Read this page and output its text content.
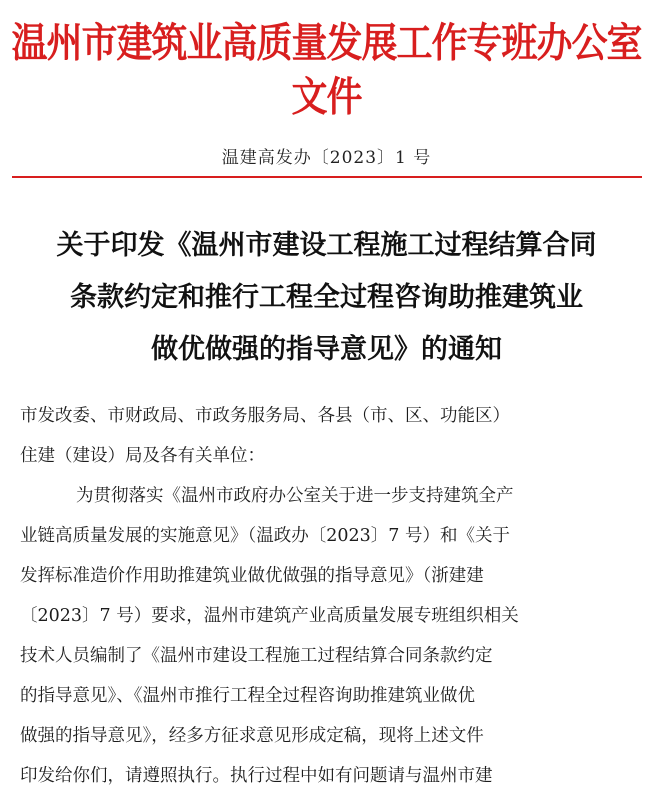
温州市建筑业高质量发展工作专班办公室文件
温建高发办〔2023〕1 号
关于印发《温州市建设工程施工过程结算合同
条款约定和推行工程全过程咨询助推建筑业
做优做强的指导意见》的通知
市发改委、市财政局、市政务服务局、各县（市、区、功能区）
住建（建设）局及各有关单位：
为贯彻落实《温州市政府办公室关于进一步支持建筑全产
业链高质量发展的实施意见》（温政办〔2023〕7 号）和《关于
发挥标准造价作用助推建筑业做优做强的指导意见》（浙建建
〔2023〕7 号）要求，温州市建筑产业高质量发展专班组织相关
技术人员编制了《温州市建设工程施工过程结算合同条款约定
的指导意见》、《温州市推行工程全过程咨询助推建筑业做优
做强的指导意见》，经多方征求意见形成定稿，现将上述文件
印发给你们，请遵照执行。执行过程中如有问题请与温州市建
